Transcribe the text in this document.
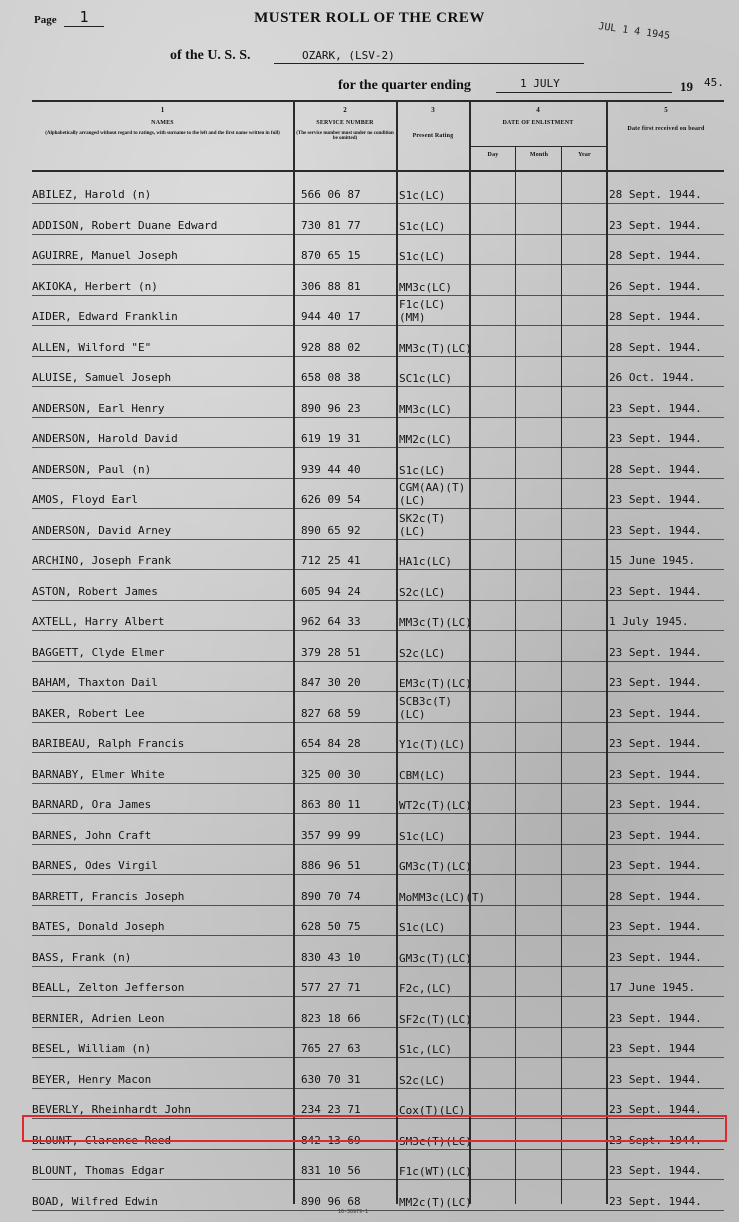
Page	1	MUSTER ROLL OF THE CREW
JUL 1 4 1945
of the U. S. S.	OZARK, (LSV-2)
for the quarter ending	1 JULY	19 45.
1
NAMES
(Alphabetically arranged without regard to ratings, with surname to the left and the first name written in full)
2
SERVICE NUMBER
(The service number must under no condition be omitted)
3
Present Rating
4
DATE OF ENLISTMENT
Day	Month	Year
5
Date first received on board
ABILEZ, Harold (n)	566 06 87	S1c(LC)	28 Sept. 1944.
ADDISON, Robert Duane Edward	730 81 77	S1c(LC)	23 Sept. 1944.
AGUIRRE, Manuel Joseph	870 65 15	S1c(LC)	28 Sept. 1944.
AKIOKA, Herbert (n)	306 88 81	MM3c(LC)	26 Sept. 1944.
AIDER, Edward Franklin	944 40 17
F1c(LC)
(MM)	28 Sept. 1944.
ALLEN, Wilford "E"	928 88 02	MM3c(T)(LC)	28 Sept. 1944.
ALUISE, Samuel Joseph	658 08 38	SC1c(LC)	26 Oct. 1944.
ANDERSON, Earl Henry	890 96 23	MM3c(LC)	23 Sept. 1944.
ANDERSON, Harold David	619 19 31	MM2c(LC)	23 Sept. 1944.
ANDERSON, Paul (n)	939 44 40	S1c(LC)	28 Sept. 1944.
AMOS, Floyd Earl	626 09 54
CGM(AA)(T)
(LC)	23 Sept. 1944.
ANDERSON, David Arney	890 65 92
SK2c(T)
(LC)	23 Sept. 1944.
ARCHINO, Joseph Frank	712 25 41	HA1c(LC)	15 June 1945.
ASTON, Robert James	605 94 24	S2c(LC)	23 Sept. 1944.
AXTELL, Harry Albert	962 64 33	MM3c(T)(LC)	1 July 1945.
BAGGETT, Clyde Elmer	379 28 51	S2c(LC)	23 Sept. 1944.
BAHAM, Thaxton Dail	847 30 20	EM3c(T)(LC)	23 Sept. 1944.
BAKER, Robert Lee	827 68 59
SCB3c(T)
(LC)	23 Sept. 1944.
BARIBEAU, Ralph Francis	654 84 28	Y1c(T)(LC)	23 Sept. 1944.
BARNABY, Elmer White	325 00 30	CBM(LC)	23 Sept. 1944.
BARNARD, Ora James	863 80 11	WT2c(T)(LC)	23 Sept. 1944.
BARNES, John Craft	357 99 99	S1c(LC)	23 Sept. 1944.
BARNES, Odes Virgil	886 96 51	GM3c(T)(LC)	23 Sept. 1944.
BARRETT, Francis Joseph	890 70 74	MoMM3c(LC)(T)	28 Sept. 1944.
BATES, Donald Joseph	628 50 75	S1c(LC)	23 Sept. 1944.
BASS, Frank (n)	830 43 10	GM3c(T)(LC)	23 Sept. 1944.
BEALL, Zelton Jefferson	577 27 71	F2c,(LC)	17 June 1945.
BERNIER, Adrien Leon	823 18 66	SF2c(T)(LC)	23 Sept. 1944.
BESEL, William (n)	765 27 63	S1c,(LC)	23 Sept. 1944
BEYER, Henry Macon	630 70 31	S2c(LC)	23 Sept. 1944.
BEVERLY, Rheinhardt John	234 23 71	Cox(T)(LC)	23 Sept. 1944.
BLOUNT, Clarence Reed	842 13 69	SM3c(T)(LC)	23 Sept. 1944.
BLOUNT, Thomas Edgar	831 10 56	F1c(WT)(LC)	23 Sept. 1944.
BOAD, Wilfred Edwin	890 96 68	MM2c(T)(LC)	23 Sept. 1944.
16-30979-1
